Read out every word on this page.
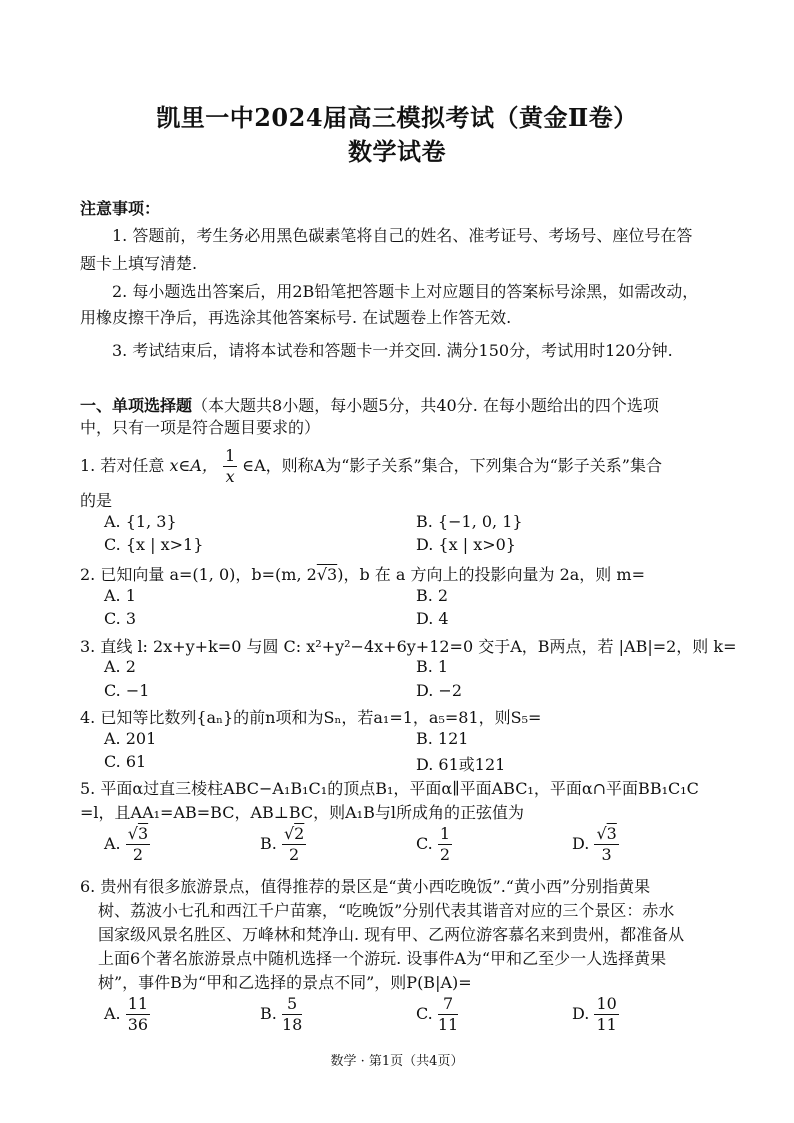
凯里一中2024届高三模拟考试（黄金Ⅱ卷）
数学试卷
注意事项：
1. 答题前，考生务必用黑色碳素笔将自己的姓名、准考证号、考场号、座位号在答
题卡上填写清楚.
2. 每小题选出答案后，用2B铅笔把答题卡上对应题目的答案标号涂黑，如需改动，
用橡皮擦干净后，再选涂其他答案标号. 在试题卷上作答无效.
3. 考试结束后，请将本试卷和答题卡一并交回. 满分150分，考试用时120分钟.
一、单项选择题（本大题共8小题，每小题5分，共40分. 在每小题给出的四个选项
中，只有一项是符合题目要求的）
1. 若对任意 x∈A， $\frac{1}{x}$ ∈A，则称A为“影子关系”集合，下列集合为“影子关系”集合
的是
A. {1, 3}	B. {−1, 0, 1}
C. {x | x>1}	D. {x | x>0}
2. 已知向量 a=(1, 0)，b=(m, 2√3)，b 在 a 方向上的投影向量为 2a，则 m=
A. 1	B. 2
C. 3	D. 4
3. 直线 l: 2x+y+k=0 与圆 C: x²+y²−4x+6y+12=0 交于A，B两点，若 |AB|=2，则 k=
A. 2	B. 1
C. −1	D. −2
4. 已知等比数列{aₙ}的前n项和为Sₙ，若a₁=1，a₅=81，则S₅=
A. 201	B. 121
C. 61	D. 61或121
5. 平面α过直三棱柱ABC−A₁B₁C₁的顶点B₁，平面α∥平面ABC₁，平面α∩平面BB₁C₁C
=l，且AA₁=AB=BC，AB⊥BC，则A₁B与l所成角的正弦值为
A. $\frac{√3}{2}$	B. $\frac{√2}{2}$	C. $\frac{1}{2}$	D. $\frac{√3}{3}$
6. 贵州有很多旅游景点，值得推荐的景区是“黄小西吃晚饭”.“黄小西”分别指黄果
树、荔波小七孔和西江千户苗寨，“吃晚饭”分别代表其谐音对应的三个景区：赤水
国家级风景名胜区、万峰林和梵净山. 现有甲、乙两位游客慕名来到贵州，都准备从
上面6个著名旅游景点中随机选择一个游玩. 设事件A为“甲和乙至少一人选择黄果
树”，事件B为“甲和乙选择的景点不同”，则P(B|A)=
A. $\frac{11}{36}$	B. $\frac{5}{18}$	C. $\frac{7}{11}$	D. $\frac{10}{11}$
数学 · 第1页（共4页）
